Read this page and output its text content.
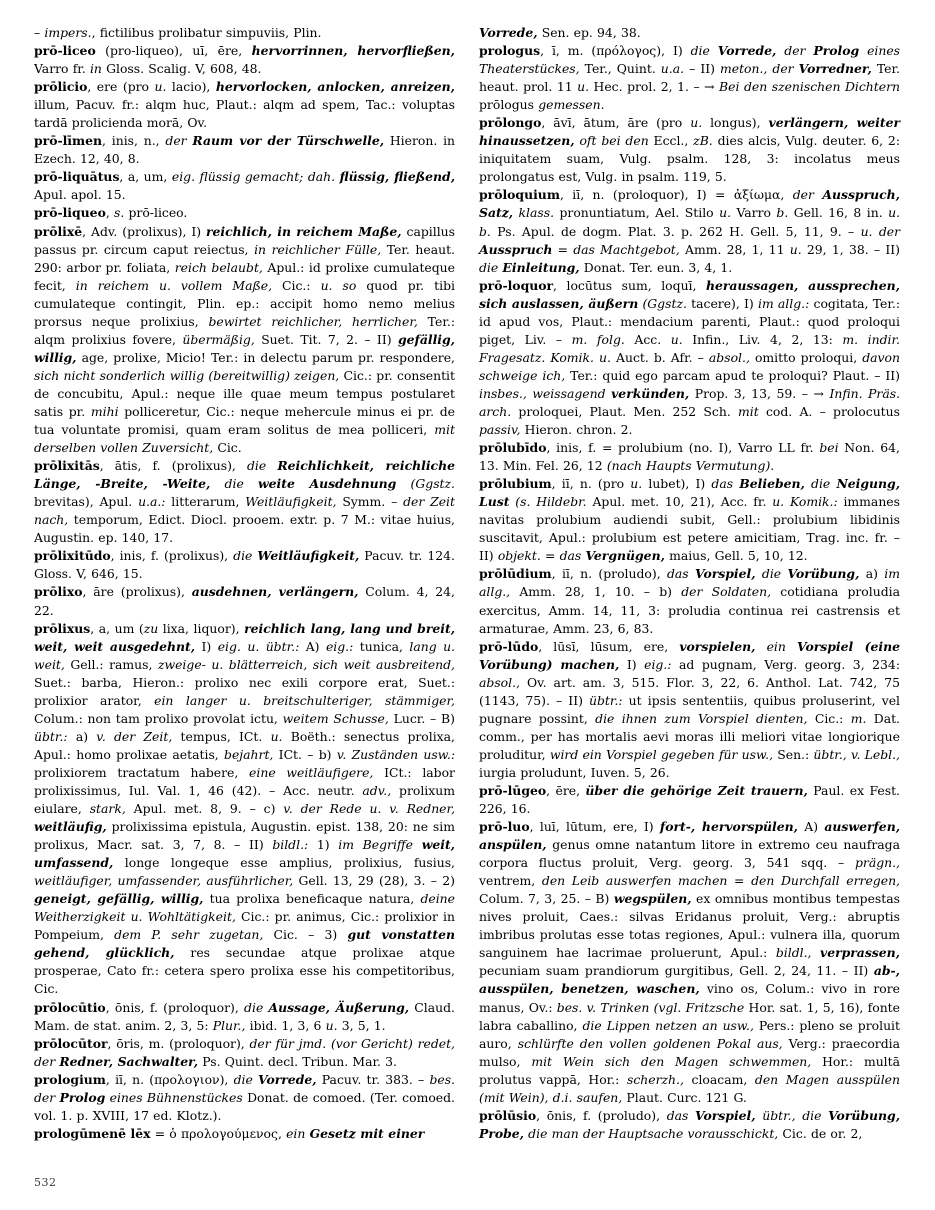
– impers., fictilibus prolibatur simpuviis, Plin.

prō-liceo (pro-liqueo), uī, ēre, hervorrinnen, hervorfließen, Varro fr. in Gloss. Scalig. V, 608, 48.

prōlicio, ere (pro u. lacio), hervorlocken, anlocken, anreizen, illum, Pacuv. fr.: alqm huc, Plaut.: alqm ad spem, Tac.: voluptas tardā prolicienda morā, Ov.

prō-līmen, inis, n., der Raum vor der Türschwelle, Hieron. in Ezech. 12, 40, 8.

prō-liquātus, a, um, eig. flüssig gemacht; dah. flüssig, fließend, Apul. apol. 15.

prō-liqueo, s. prō-liceo.

prōlixē, Adv. (prolixus), I) reichlich, in reichem Maße, capillus passus pr. circum caput reiectus, in reichlicher Fülle, Ter. heaut. 290: arbor pr. foliata, reich belaubt, Apul.: id prolixe cumulateque fecit, in reichem u. vollem Maße, Cic.: u. so quod pr. tibi cumulateque contingit, Plin. ep.: accipit homo nemo melius prorsus neque prolixius, bewirtet reichlicher, herrlicher, Ter.: alqm prolixius fovere, übermäßig, Suet. Tit. 7, 2. – II) gefällig, willig, age, prolixe, Micio! Ter.: in delectu parum pr. respondere, sich nicht sonderlich willig (bereitwillig) zeigen, Cic.: pr. consentit de concubitu, Apul.: neque ille quae meum tempus postularet satis pr. mihi polliceretur, Cic.: neque mehercule minus ei pr. de tua voluntate promisi, quam eram solitus de mea polliceri, mit derselben vollen Zuversicht, Cic.

prōlixitās, ātis, f. (prolixus), die Reichlichkeit, reichliche Länge, -Breite, -Weite, die weite Ausdehnung (Ggstz. brevitas), Apul. u.a.: litterarum, Weitläufigkeit, Symm. – der Zeit nach, temporum, Edict. Diocl. prooem. extr. p. 7 M.: vitae huius, Augustin. ep. 140, 17.

prōlixitūdo, inis, f. (prolixus), die Weitläufigkeit, Pacuv. tr. 124. Gloss. V, 646, 15.

prōlixo, āre (prolixus), ausdehnen, verlängern, Colum. 4, 24, 22.

prōlixus, a, um (zu lixa, liquor), reichlich lang, lang und breit, weit, weit ausgedehnt, I) eig. u. übtr.: A) eig.: tunica, lang u. weit, Gell.: ramus, zweige- u. blätterreich, sich weit ausbreitend, Suet.: barba, Hieron.: prolixo nec exili corpore erat, Suet.: prolixior arator, ein langer u. breitschulteriger, stämmiger, Colum.: non tam prolixo provolat ictu, weitem Schusse, Lucr. – B) übtr.: a) v. der Zeit, tempus, ICt. u. Boëth.: senectus prolixa, Apul.: homo prolixae aetatis, bejahrt, ICt. – b) v. Zuständen usw.: prolixiorem tractatum habere, eine weitläufigere, ICt.: labor prolixissimus, Iul. Val. 1, 46 (42). – Acc. neutr. adv., prolixum eiulare, stark, Apul. met. 8, 9. – c) v. der Rede u. v. Redner, weitläufig, prolixissima epistula, Augustin. epist. 138, 20: ne sim prolixus, Macr. sat. 3, 7, 8. – II) bildl.: 1) im Begriffe weit, umfassend, longe longeque esse amplius, prolixius, fusius, weitläufiger, umfassender, ausführlicher, Gell. 13, 29 (28), 3. – 2) geneigt, gefällig, willig, tua prolixa beneficaque natura, deine Weitherzigkeit u. Wohltätigkeit, Cic.: pr. animus, Cic.: prolixior in Pompeium, dem P. sehr zugetan, Cic. – 3) gut vonstatten gehend, glücklich, res secundae atque prolixae atque prosperae, Cato fr.: cetera spero prolixa esse his competitoribus, Cic.

prōlocūtio, ōnis, f. (proloquor), die Aussage, Äußerung, Claud. Mam. de stat. anim. 2, 3, 5: Plur., ibid. 1, 3, 6 u. 3, 5, 1.

prōlocūtor, ōris, m. (proloquor), der für jmd. (vor Gericht) redet, der Redner, Sachwalter, Ps. Quint. decl. Tribun. Mar. 3.

prologium, iī, n. (προλογιον), die Vorrede, Pacuv. tr. 383. – bes. der Prolog eines Bühnenstückes Donat. de comoed. (Ter. comoed. vol. 1. p. XVIII, 17 ed. Klotz.).

prologūmenē lēx = ὁ προλογούμενος, ein Gesetz mit einer

Vorrede, Sen. ep. 94, 38.

prologus, ī, m. (πρόλογος), I) die Vorrede, der Prolog eines Theaterstückes, Ter., Quint. u.a. – II) meton., der Vorredner, Ter. heaut. prol. 11 u. Hec. prol. 2, 1. – → Bei den szenischen Dichtern prōlogus gemessen.

prōlongo, āvī, ātum, āre (pro u. longus), verlängern, weiter hinaussetzen, oft bei den Eccl., zB. dies alcis, Vulg. deuter. 6, 2: iniquitatem suam, Vulg. psalm. 128, 3: incolatus meus prolongatus est, Vulg. in psalm. 119, 5.

prōloquium, iī, n. (proloquor), I) = ἀξίωμα, der Ausspruch, Satz, klass. pronuntiatum, Ael. Stilo u. Varro b. Gell. 16, 8 in. u. b. Ps. Apul. de dogm. Plat. 3. p. 262 H. Gell. 5, 11, 9. – u. der Ausspruch = das Machtgebot, Amm. 28, 1, 11 u. 29, 1, 38. – II) die Einleitung, Donat. Ter. eun. 3, 4, 1.

prō-loquor, locūtus sum, loquī, heraussagen, aussprechen, sich auslassen, äußern (Ggstz. tacere), I) im allg.: cogitata, Ter.: id apud vos, Plaut.: mendacium parenti, Plaut.: quod proloqui piget, Liv. – m. folg. Acc. u. Infin., Liv. 4, 2, 13: m. indir. Fragesatz. Komik. u. Auct. b. Afr. – absol., omitto proloqui, davon schweige ich, Ter.: quid ego parcam apud te proloqui? Plaut. – II) insbes., weissagend verkünden, Prop. 3, 13, 59. – → Infin. Präs. arch. proloquei, Plaut. Men. 252 Sch. mit cod. A. – prolocutus passiv, Hieron. chron. 2.

prōlubīdo, inis, f. = prolubium (no. I), Varro LL fr. bei Non. 64, 13. Min. Fel. 26, 12 (nach Haupts Vermutung).

prōlubium, iī, n. (pro u. lubet), I) das Belieben, die Neigung, Lust (s. Hildebr. Apul. met. 10, 21), Acc. fr. u. Komik.: immanes navitas prolubium audiendi subit, Gell.: prolubium libidinis suscitavit, Apul.: prolubium est petere amicitiam, Trag. inc. fr. – II) objekt. = das Vergnügen, maius, Gell. 5, 10, 12.

prōlūdium, iī, n. (proludo), das Vorspiel, die Vorübung, a) im allg., Amm. 28, 1, 10. – b) der Soldaten, cotidiana proludia exercitus, Amm. 14, 11, 3: proludia continua rei castrensis et armaturae, Amm. 23, 6, 83.

prō-lūdo, lūsī, lūsum, ere, vorspielen, ein Vorspiel (eine Vorübung) machen, I) eig.: ad pugnam, Verg. georg. 3, 234: absol., Ov. art. am. 3, 515. Flor. 3, 22, 6. Anthol. Lat. 742, 75 (1143, 75). – II) übtr.: ut ipsis sententiis, quibus proluserint, vel pugnare possint, die ihnen zum Vorspiel dienten, Cic.: m. Dat. comm., per has mortalis aevi moras illi meliori vitae longiorique proluditur, wird ein Vorspiel gegeben für usw., Sen.: übtr., v. Lebl., iurgia proludunt, Iuven. 5, 26.

prō-lūgeo, ēre, über die gehörige Zeit trauern, Paul. ex Fest. 226, 16.

prō-luo, luī, lūtum, ere, I) fort-, hervorspülen, A) auswerfen, anspülen, genus omne natantum litore in extremo ceu naufraga corpora fluctus proluit, Verg. georg. 3, 541 sqq. – prägn., ventrem, den Leib auswerfen machen = den Durchfall erregen, Colum. 7, 3, 25. – B) wegspülen, ex omnibus montibus tempestas nives proluit, Caes.: silvas Eridanus proluit, Verg.: abruptis imbribus prolutas esse totas regiones, Apul.: vulnera illa, quorum sanguinem hae lacrimae proluerunt, Apul.: bildl., verprassen, pecuniam suam prandiorum gurgitibus, Gell. 2, 24, 11. – II) ab-, ausspülen, benetzen, waschen, vino os, Colum.: vivo in rore manus, Ov.: bes. v. Trinken (vgl. Fritzsche Hor. sat. 1, 5, 16), fonte labra caballino, die Lippen netzen an usw., Pers.: pleno se proluit auro, schlürfte den vollen goldenen Pokal aus, Verg.: praecordia mulso, mit Wein sich den Magen schwemmen, Hor.: multā prolutus vappā, Hor.: scherzh., cloacam, den Magen ausspülen (mit Wein), d.i. saufen, Plaut. Curc. 121 G.

prōlūsio, ōnis, f. (proludo), das Vorspiel, übtr., die Vorübung, Probe, die man der Hauptsache vorausschickt, Cic. de or. 2,

532
